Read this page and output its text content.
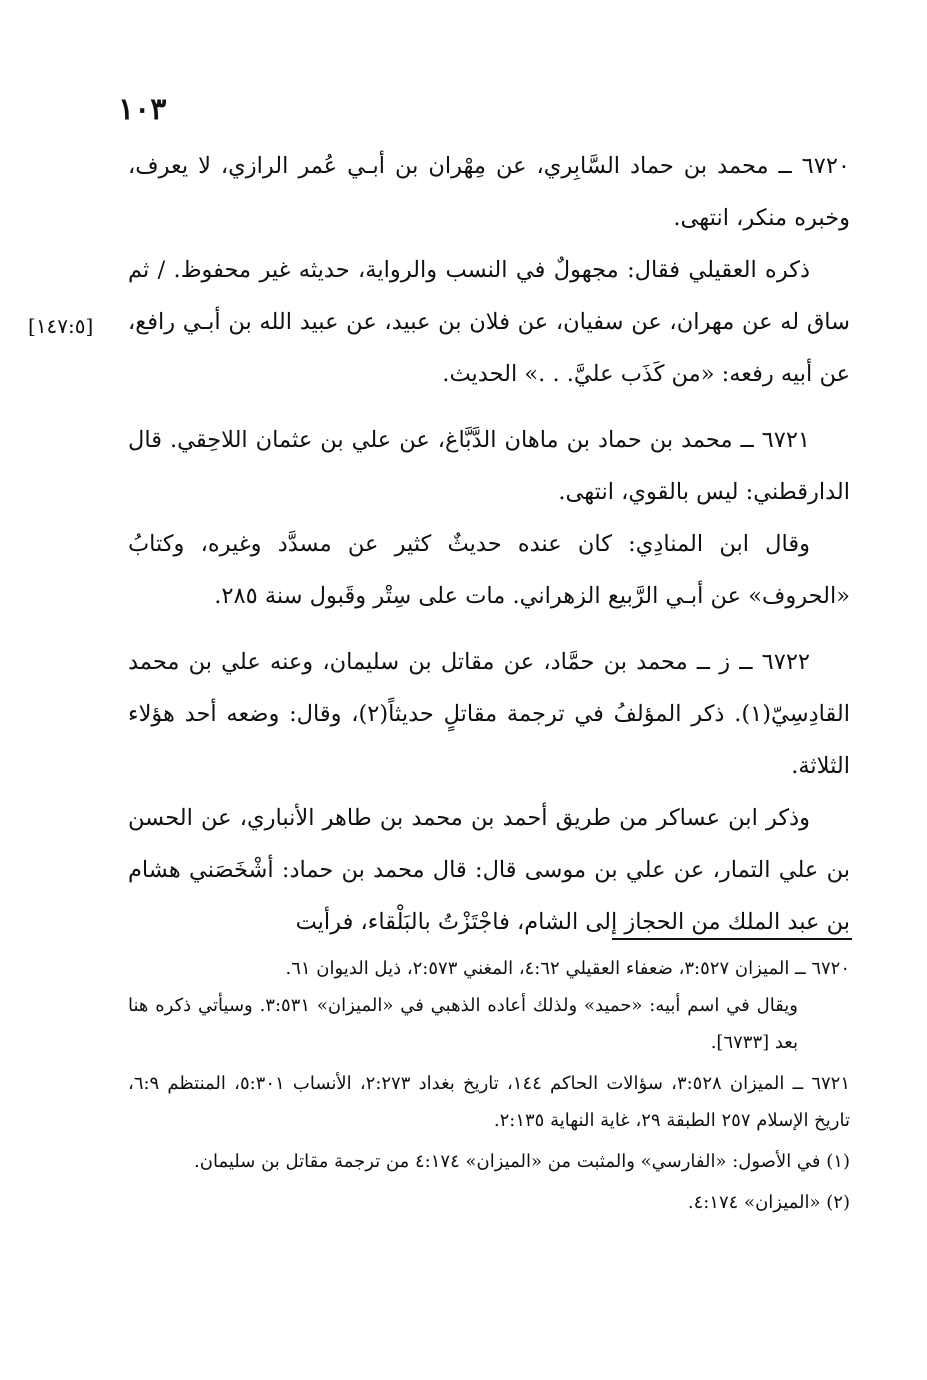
١٠٣
[١٤٧:٥]

٦٧٢٠ ــ محمد بن حماد السَّابِري، عن مِهْران بن أبـي عُمر الرازي، لا يعرف، وخبره منكر، انتهى.

ذكره العقيلي فقال: مجهولٌ في النسب والرواية، حديثه غير محفوظ. / ثم ساق له عن مهران، عن سفيان، عن فلان بن عبيد، عن عبيد الله بن أبـي رافع، عن أبيه رفعه: «من كَذَب عليَّ. . .» الحديث.

٦٧٢١ ــ محمد بن حماد بن ماهان الدَّبَّاغ، عن علي بن عثمان اللاحِقي. قال الدارقطني: ليس بالقوي، انتهى.

وقال ابن المنادِي: كان عنده حديثٌ كثير عن مسدَّد وغيره، وكتابُ «الحروف» عن أبـي الرَّبيع الزهراني. مات على سِتْر وقَبول سنة ٢٨٥.

٦٧٢٢ ــ ز ــ محمد بن حمَّاد، عن مقاتل بن سليمان، وعنه علي بن محمد القادِسِيّ(١). ذكر المؤلفُ في ترجمة مقاتلٍ حديثاً(٢)، وقال: وضعه أحد هؤلاء الثلاثة.

وذكر ابن عساكر من طريق أحمد بن محمد بن طاهر الأنباري، عن الحسن بن علي التمار، عن علي بن موسى قال: قال محمد بن حماد: أشْخَصَني هشام بن عبد الملك من الحجاز إلى الشام، فاجْتَزْتُ بالبَلْقاء، فرأيت

٦٧٢٠ ــ الميزان ٣:٥٢٧، ضعفاء العقيلي ٤:٦٢، المغني ٢:٥٧٣، ذيل الديوان ٦١.

ويقال في اسم أبيه: «حميد» ولذلك أعاده الذهبي في «الميزان» ٣:٥٣١. وسيأتي ذكره هنا بعد [٦٧٣٣].

٦٧٢١ ــ الميزان ٣:٥٢٨، سؤالات الحاكم ١٤٤، تاريخ بغداد ٢:٢٧٣، الأنساب ٥:٣٠١، المنتظم ٦:٩، تاريخ الإسلام ٢٥٧ الطبقة ٢٩، غاية النهاية ٢:١٣٥.

(١) في الأصول: «الفارسي» والمثبت من «الميزان» ٤:١٧٤ من ترجمة مقاتل بن سليمان.

(٢) «الميزان» ٤:١٧٤.
